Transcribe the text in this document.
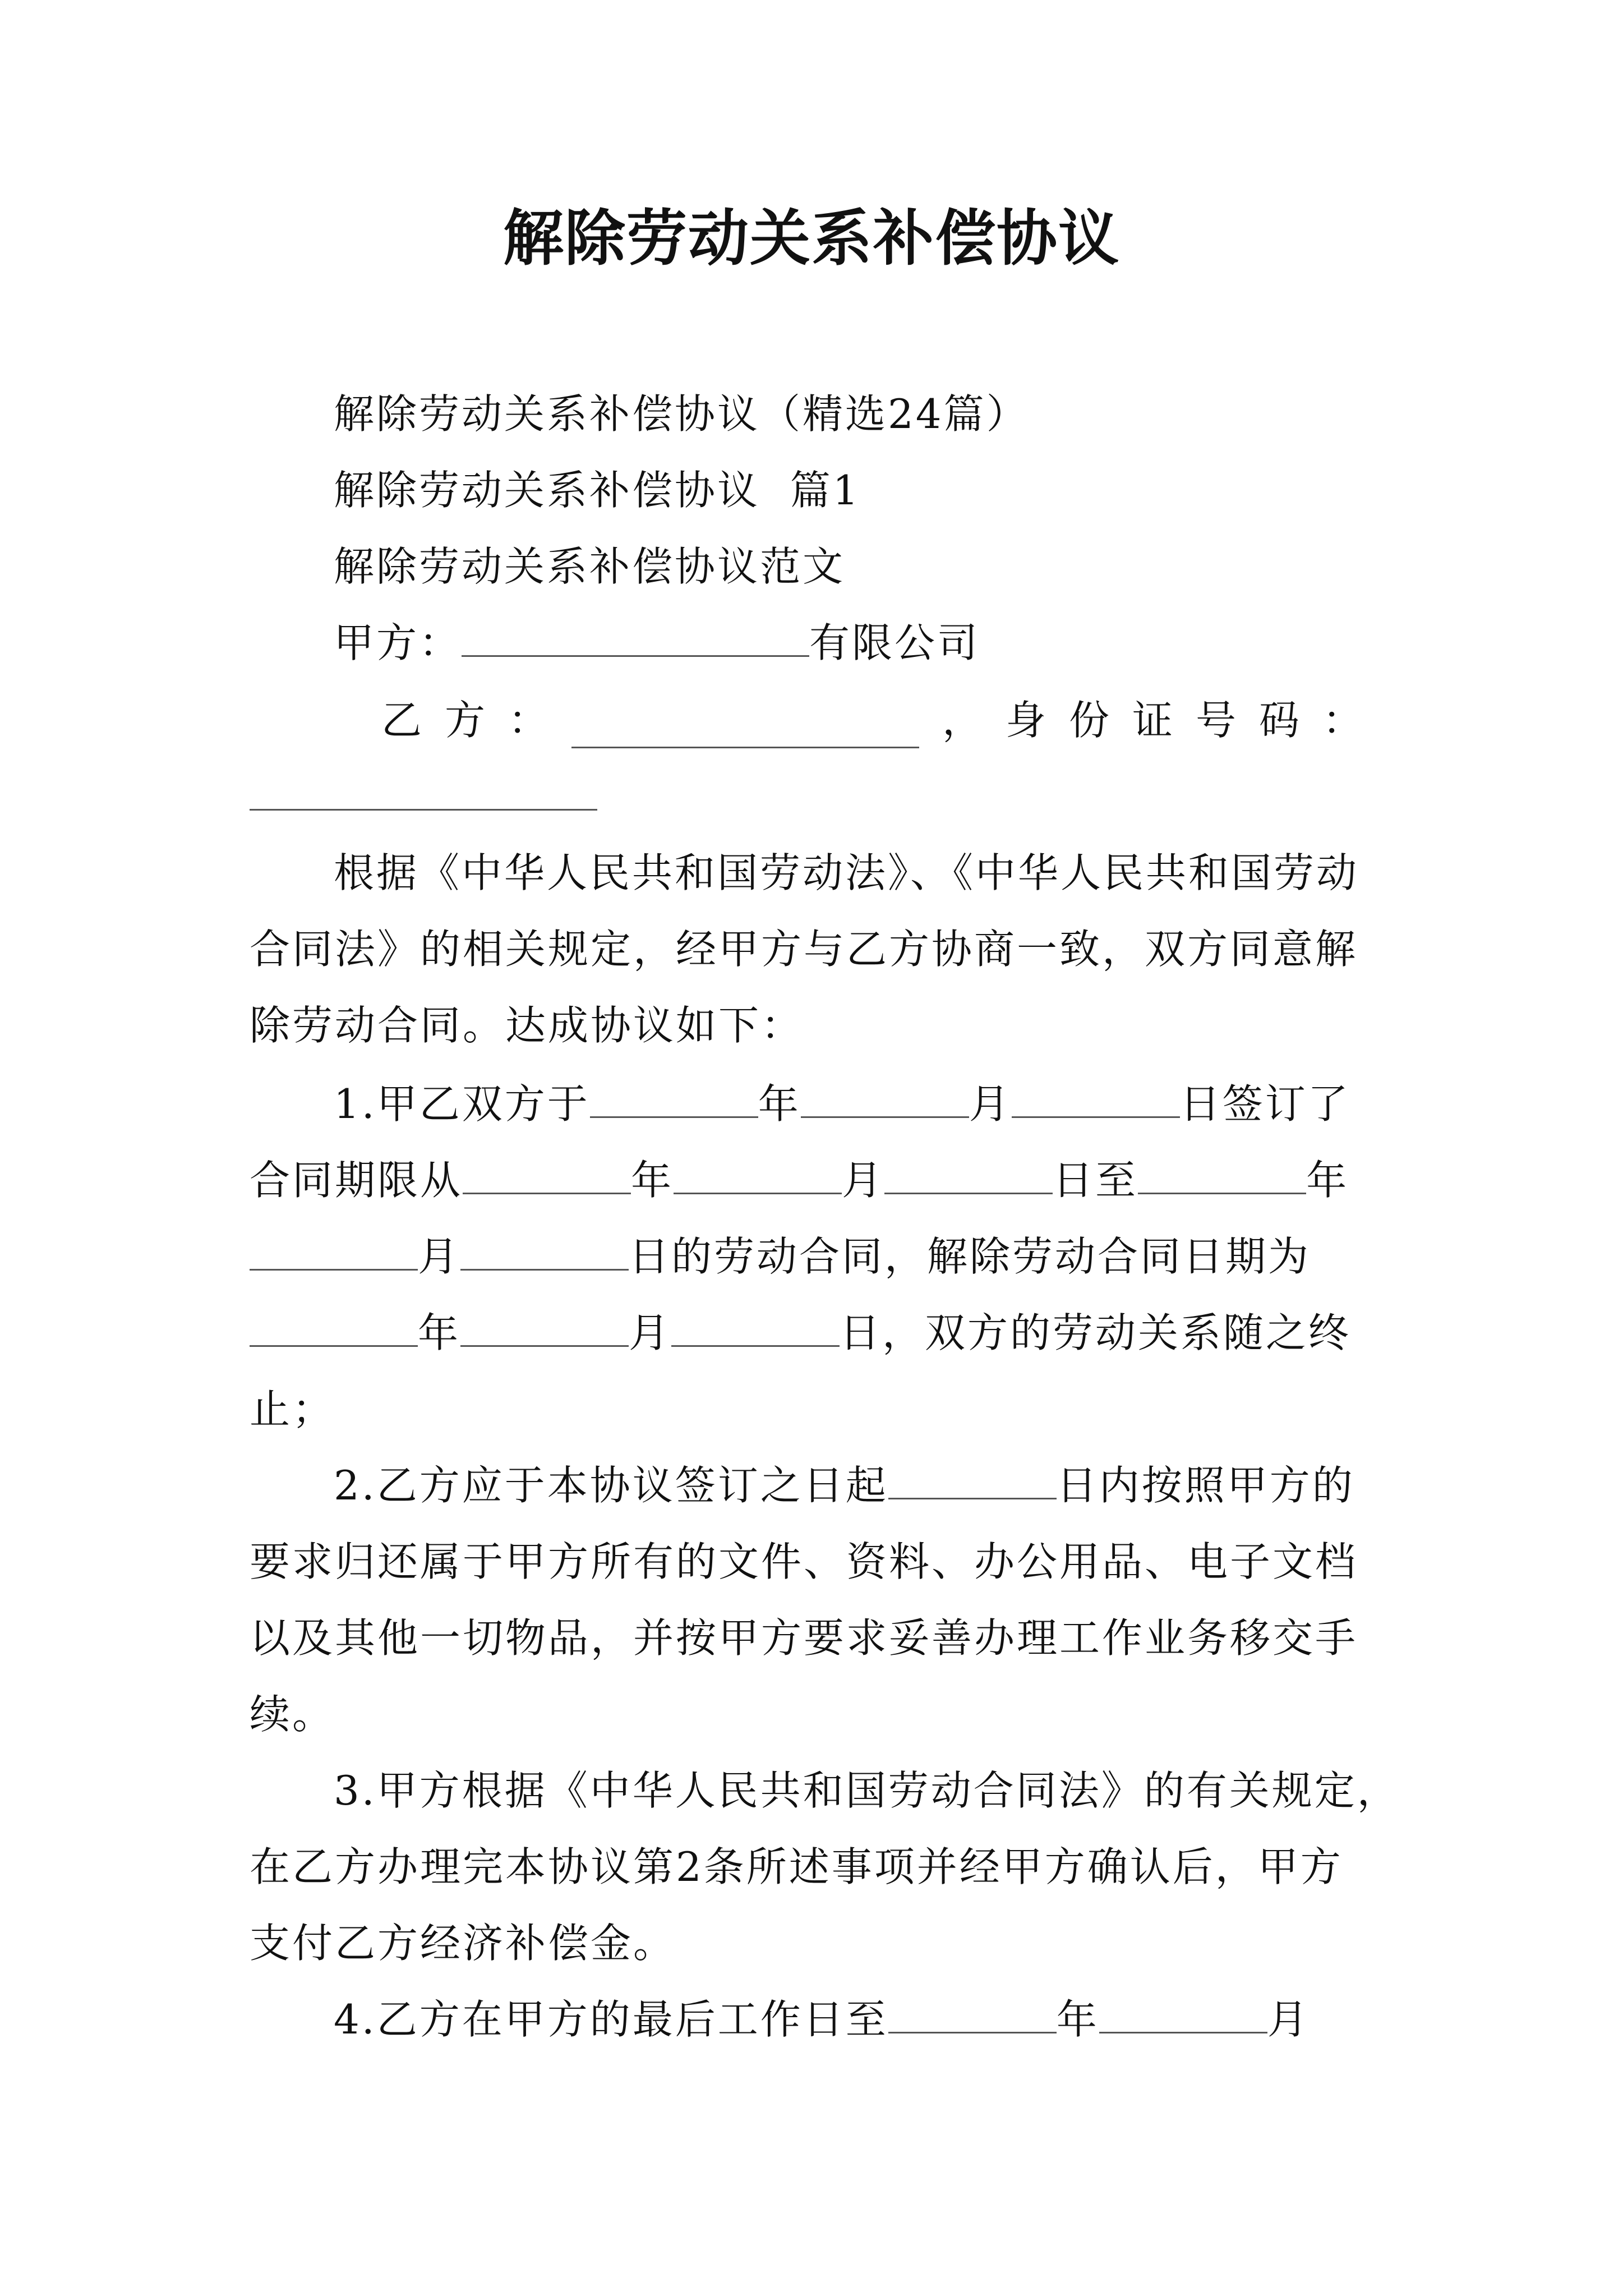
解除劳动关系补偿协议
解除劳动关系补偿协议（精选24篇）
解除劳动关系补偿协议  篇1
解除劳动关系补偿协议范文
甲方：	有限公司
乙 方 ：	， 身 份 证 号 码 ：
根据《中华人民共和国劳动法》、《中华人民共和国劳动
合同法》的相关规定，经甲方与乙方协商一致，双方同意解
除劳动合同。达成协议如下：
1.甲乙双方于	年	月	日签订了
合同期限从	年	月	日至	年
月	日的劳动合同，解除劳动合同日期为
年	月	日，双方的劳动关系随之终
止；
2.乙方应于本协议签订之日起	日内按照甲方的
要求归还属于甲方所有的文件、资料、办公用品、电子文档
以及其他一切物品，并按甲方要求妥善办理工作业务移交手
续。
3.甲方根据《中华人民共和国劳动合同法》的有关规定，
在乙方办理完本协议第2条所述事项并经甲方确认后，甲方
支付乙方经济补偿金。
4.乙方在甲方的最后工作日至	年	月
